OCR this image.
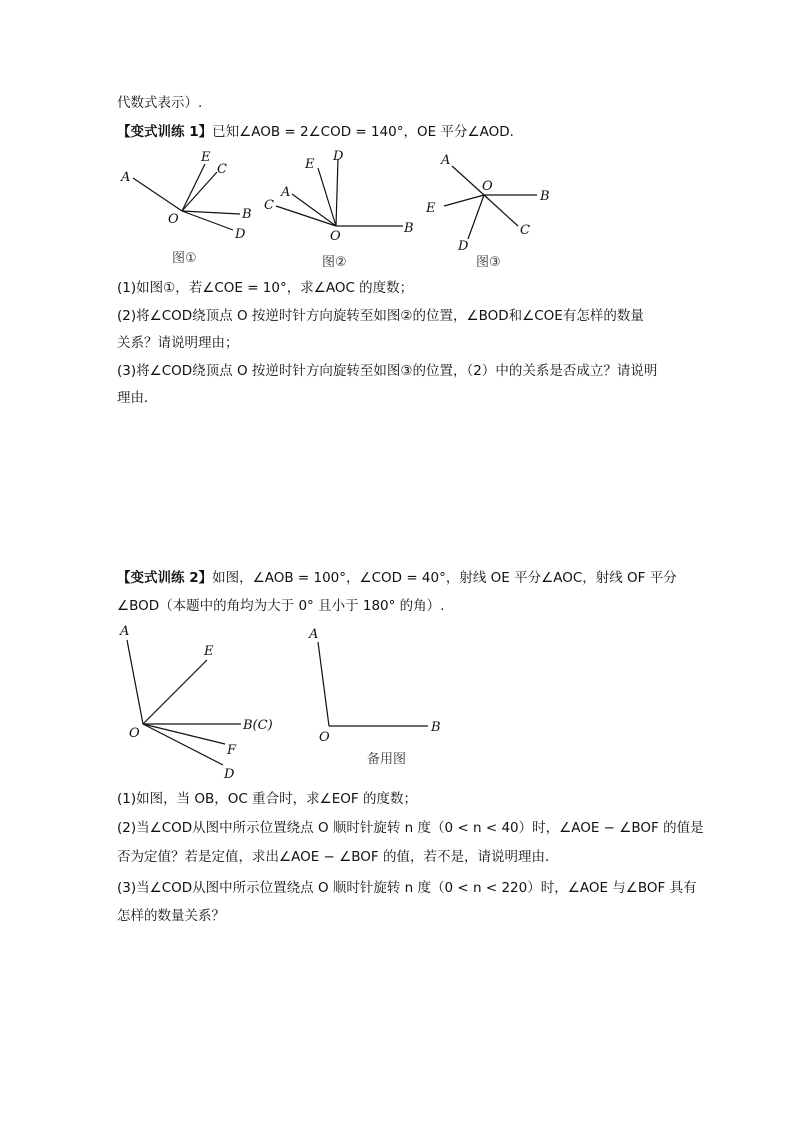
代数式表示）.
【变式训练 1】已知∠AOB = 2∠COD = 140°，OE 平分∠AOD．
A
E
C
O	B
D
图①
D
E
A
C
O
B
图②
A
O
B
E
D
C
图③
(1)如图①，若∠COE = 10°，求∠AOC 的度数；
(2)将∠COD绕顶点 O 按逆时针方向旋转至如图②的位置，∠BOD和∠COE有怎样的数量
关系？请说明理由；
(3)将∠COD绕顶点 O 按逆时针方向旋转至如图③的位置，（2）中的关系是否成立？请说明
理由．
【变式训练 2】如图，∠AOB = 100°，∠COD = 40°，射线 OE 平分∠AOC，射线 OF 平分
∠BOD（本题中的角均为大于 0° 且小于 180° 的角）.
A
E
B(C)
O
F
D
A
O
B
备用图
(1)如图，当 OB，OC 重合时，求∠EOF 的度数；
(2)当∠COD从图中所示位置绕点 O 顺时针旋转 n 度（0 < n < 40）时，∠AOE − ∠BOF 的值是
否为定值？若是定值，求出∠AOE − ∠BOF 的值，若不是，请说明理由．
(3)当∠COD从图中所示位置绕点 O 顺时针旋转 n 度（0 < n < 220）时，∠AOE 与∠BOF 具有
怎样的数量关系？
